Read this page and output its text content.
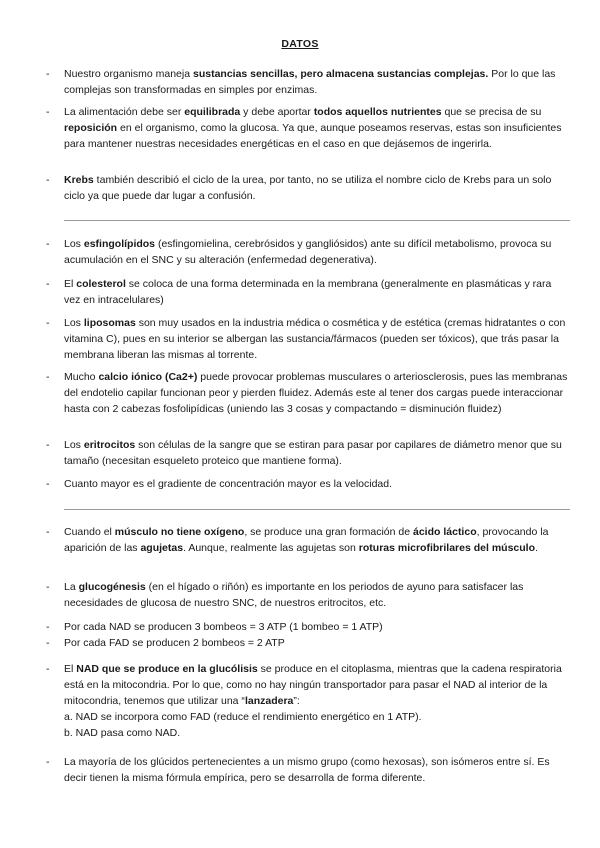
DATOS
- Nuestro organismo maneja sustancias sencillas, pero almacena sustancias complejas. Por lo que las complejas son transformadas en simples por enzimas.
- La alimentación debe ser equilibrada y debe aportar todos aquellos nutrientes que se precisa de su reposición en el organismo, como la glucosa. Ya que, aunque poseamos reservas, estas son insuficientes para mantener nuestras necesidades energéticas en el caso en que dejásemos de ingerirla.
- Krebs también describió el ciclo de la urea, por tanto, no se utiliza el nombre ciclo de Krebs para un solo ciclo ya que puede dar lugar a confusión.
- Los esfingolípidos (esfingomielina, cerebrósidos y gangliósidos) ante su difícil metabolismo, provoca su acumulación en el SNC y su alteración (enfermedad degenerativa).
- El colesterol se coloca de una forma determinada en la membrana (generalmente en plasmáticas y rara vez en intracelulares)
- Los liposomas son muy usados en la industria médica o cosmética y de estética (cremas hidratantes o con vitamina C), pues en su interior se albergan las sustancia/fármacos (pueden ser tóxicos), que trás pasar la membrana liberan las mismas al torrente.
- Mucho calcio iónico (Ca2+) puede provocar problemas musculares o arteriosclerosis, pues las membranas del endotelio capilar funcionan peor y pierden fluidez. Además este al tener dos cargas puede interaccionar hasta con 2 cabezas fosfolipídicas (uniendo las 3 cosas y compactando = disminución fluidez)
- Los eritrocitos son células de la sangre que se estiran para pasar por capilares de diámetro menor que su tamaño (necesitan esqueleto proteico que mantiene forma).
- Cuanto mayor es el gradiente de concentración mayor es la velocidad.
- Cuando el músculo no tiene oxígeno, se produce una gran formación de ácido láctico, provocando la aparición de las agujetas. Aunque, realmente las agujetas son roturas microfibrilares del músculo.
- La glucogénesis (en el hígado o riñón) es importante en los periodos de ayuno para satisfacer las necesidades de glucosa de nuestro SNC, de nuestros eritrocitos, etc.
- Por cada NAD se producen 3 bombeos = 3 ATP (1 bombeo = 1 ATP)
- Por cada FAD se producen 2 bombeos = 2 ATP
- El NAD que se produce en la glucólisis se produce en el citoplasma, mientras que la cadena respiratoria está en la mitocondria. Por lo que, como no hay ningún transportador para pasar el NAD al interior de la mitocondria, tenemos que utilizar una “lanzadera”:
a. NAD se incorpora como FAD (reduce el rendimiento energético en 1 ATP).
b. NAD pasa como NAD.
- La mayoría de los glúcidos pertenecientes a un mismo grupo (como hexosas), son isómeros entre sí. Es decir tienen la misma fórmula empírica, pero se desarrolla de forma diferente.
